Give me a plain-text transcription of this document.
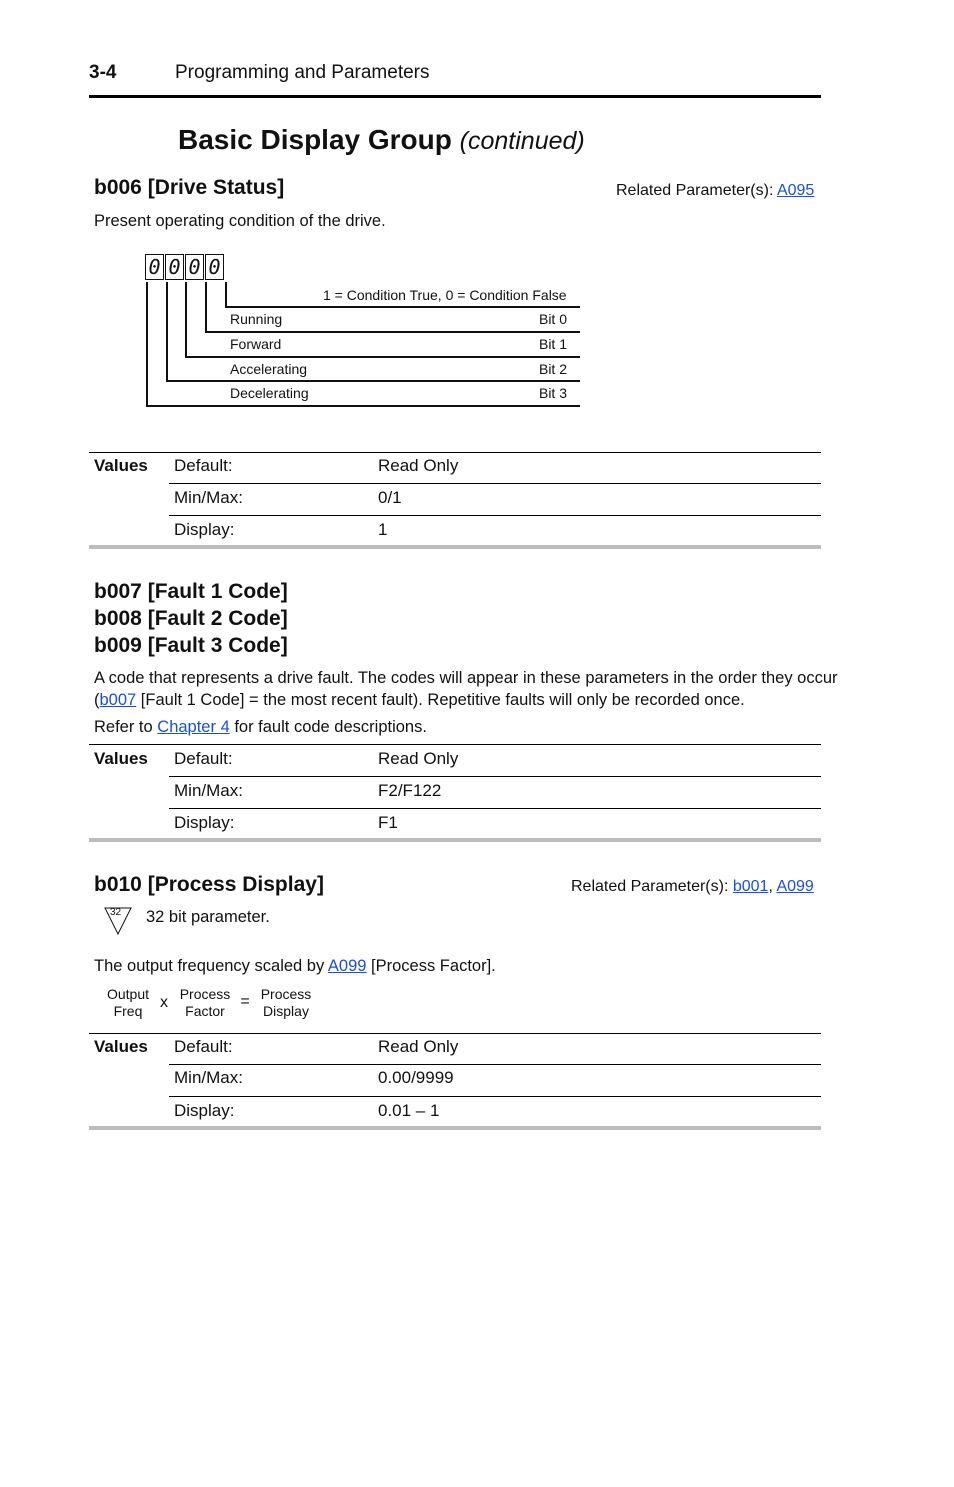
3-4	Programming and Parameters
Basic Display Group (continued)
b006 [Drive Status]	Related Parameter(s): A095
Present operating condition of the drive.
0 0 0 0
1 = Condition True, 0 = Condition False
Running	Bit 0
Forward	Bit 1
Accelerating	Bit 2
Decelerating	Bit 3
Values Default:	Read Only
Min/Max:	0/1
Display:	1
b007 [Fault 1 Code]
b008 [Fault 2 Code]
b009 [Fault 3 Code]
A code that represents a drive fault. The codes will appear in these parameters in the order they occur
(b007 [Fault 1 Code] = the most recent fault). Repetitive faults will only be recorded once.
Refer to Chapter 4 for fault code descriptions.
Values Default:	Read Only
Min/Max:	F2/F122
Display:	F1
b010 [Process Display]	Related Parameter(s): b001, A099
32 32 bit parameter.
The output frequency scaled by A099 [Process Factor].
Output
Freq	x Process
Factor
= Process
Display
Values Default:	Read Only
Min/Max:	0.00/9999
Display:	0.01 – 1
